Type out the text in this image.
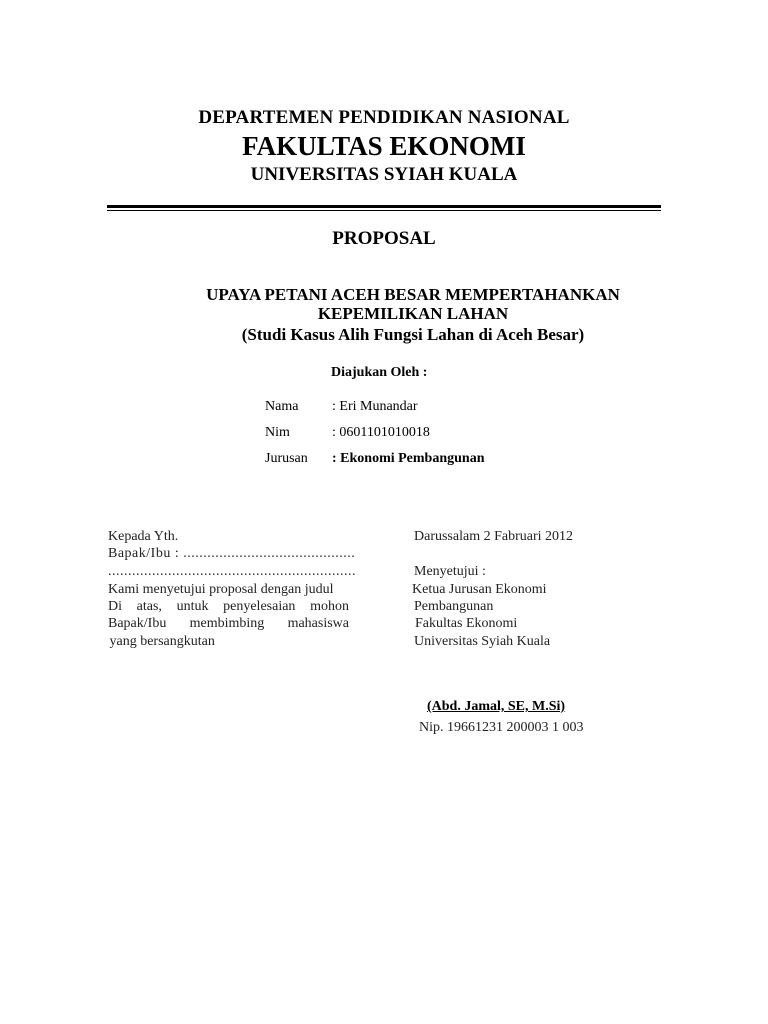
DEPARTEMEN PENDIDIKAN NASIONAL
FAKULTAS EKONOMI
UNIVERSITAS SYIAH KUALA
PROPOSAL
UPAYA PETANI ACEH BESAR MEMPERTAHANKAN
KEPEMILIKAN LAHAN
(Studi Kasus Alih Fungsi Lahan di Aceh Besar)
Diajukan Oleh :
Nama : Eri Munandar
Nim	: 0601101010018
Jurusan : Ekonomi Pembangunan
Kepada Yth.
Bapak/Ibu : ...........................................
..............................................................
Kami menyetujui proposal dengan judul
Di atas, untuk penyelesaian mohon
Bapak/Ibu membimbing mahasiswa
yang bersangkutan
Darussalam 2 Fabruari 2012
Menyetujui :
Ketua Jurusan Ekonomi
Pembangunan
Fakultas Ekonomi
Universitas Syiah Kuala
(Abd. Jamal, SE, M.Si)
Nip. 19661231 200003 1 003
